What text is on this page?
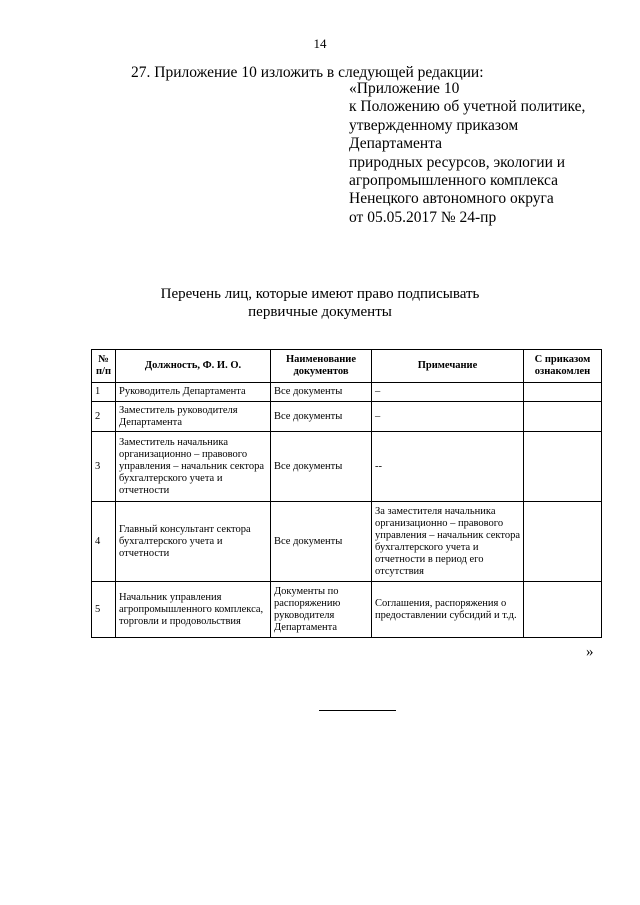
14
27. Приложение 10 изложить в следующей редакции:
«Приложение 10
к Положению об учетной политике,
утвержденному приказом
Департамента
природных ресурсов, экологии и
агропромышленного комплекса
Ненецкого автономного округа
от 05.05.2017 № 24-пр
Перечень лиц, которые имеют право подписывать
первичные документы
№ п/п	Должность, Ф. И. О.	Наименование документов	Примечание	С приказом ознакомлен
1	Руководитель Департамента	Все документы	–	
2	Заместитель руководителя Департамента	Все документы	–	
3	Заместитель начальника организационно – правового управления – начальник сектора бухгалтерского учета и отчетности	Все документы	--	
4	Главный консультант сектора бухгалтерского учета и отчетности	Все документы	За заместителя начальника организационно – правового управления – начальник сектора бухгалтерского учета и отчетности в период его отсутствия	
5	Начальник управления агропромышленного комплекса, торговли и продовольствия	Документы по распоряжению руководителя Департамента	Соглашения, распоряжения о предоставлении субсидий и т.д.	
»
